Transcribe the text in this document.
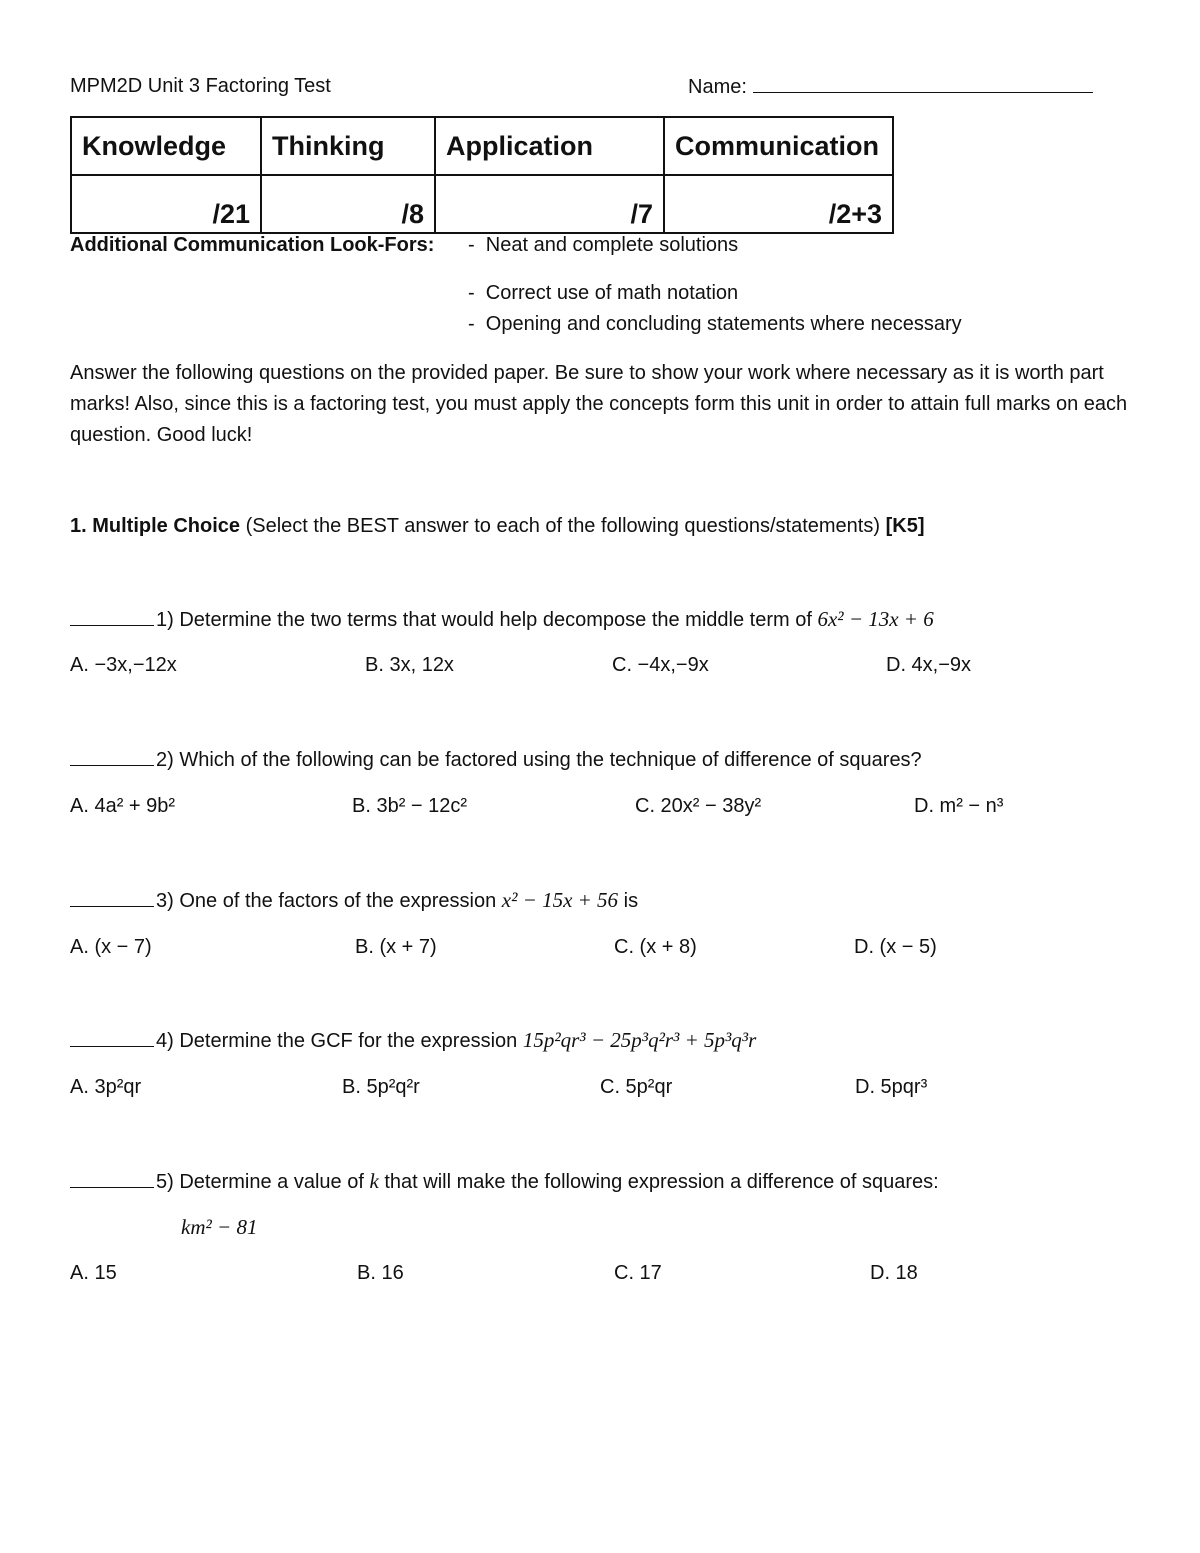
MPM2D Unit 3 Factoring Test	Name:
Knowledge	Thinking	Application	Communication
/21	/8	/7	/2+3
Additional Communication Look-Fors: -  Neat and complete solutions
-  Correct use of math notation
-  Opening and concluding statements where necessary
Answer the following questions on the provided paper. Be sure to show your work where necessary as it is worth part marks! Also, since this is a factoring test, you must apply the concepts form this unit in order to attain full marks on each question. Good luck!
1. Multiple Choice (Select the BEST answer to each of the following questions/statements) [K5]
1) Determine the two terms that would help decompose the middle term of 6x² − 13x + 6
A. −3x,−12x	B. 3x, 12x	C. −4x,−9x	D. 4x,−9x
2) Which of the following can be factored using the technique of difference of squares?
A. 4a² + 9b²	B. 3b² − 12c²	C. 20x² − 38y²	D. m² − n³
3) One of the factors of the expression x² − 15x + 56 is
A. (x − 7)	B. (x + 7)	C. (x + 8)	D. (x − 5)
4) Determine the GCF for the expression 15p²qr³ − 25p³q²r³ + 5p³q³r
A. 3p²qr	B. 5p²q²r	C. 5p²qr	D. 5pqr³
5) Determine a value of k that will make the following expression a difference of squares:
km² − 81
A. 15	B. 16	C. 17	D. 18
